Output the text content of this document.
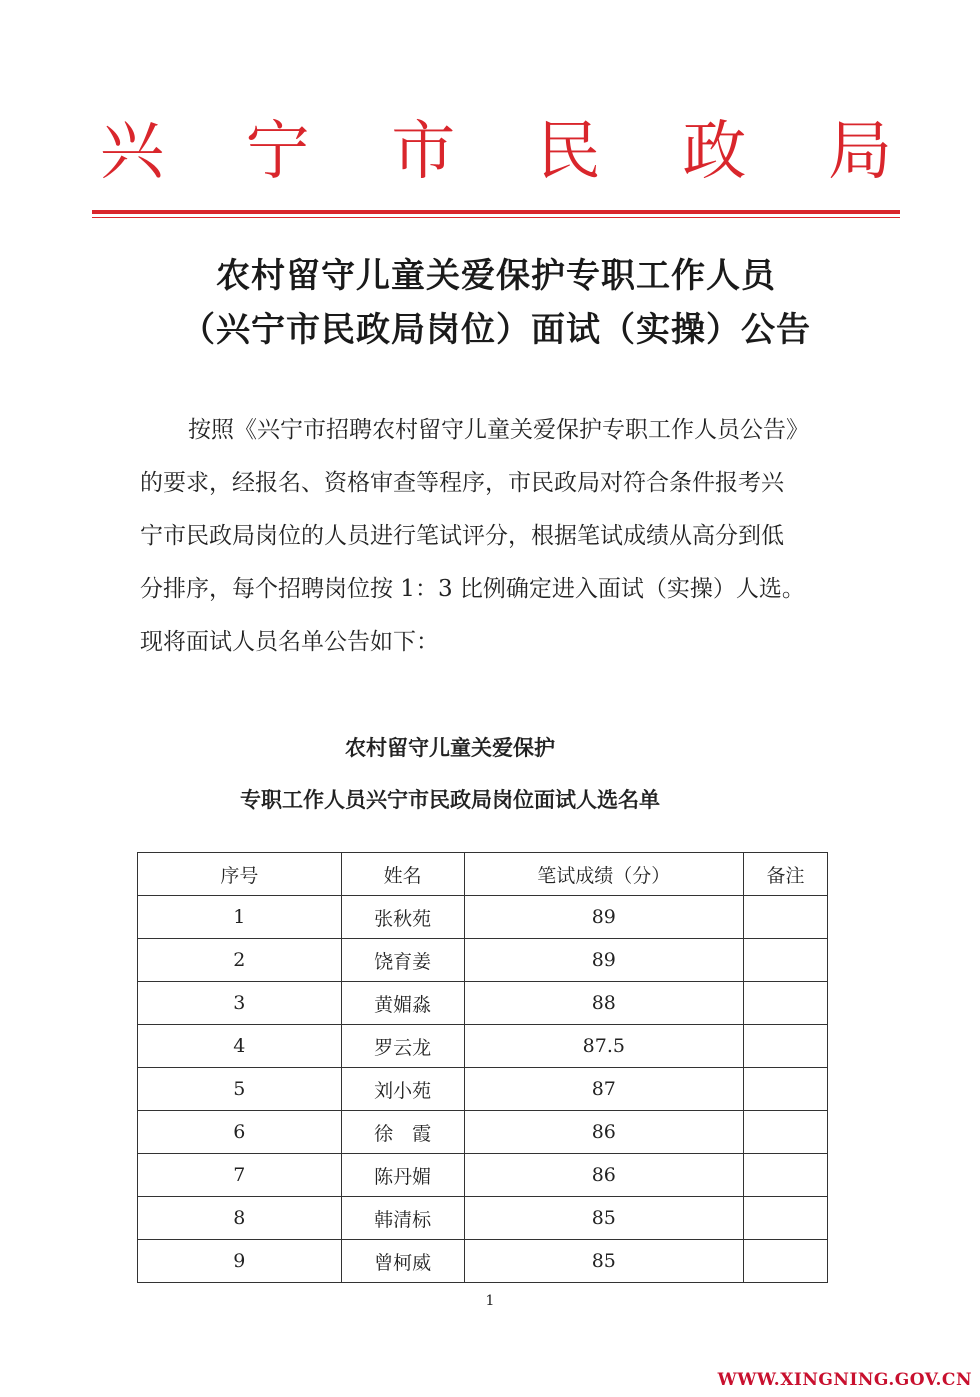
兴 宁 市 民 政 局
农村留守儿童关爱保护专职工作人员
（兴宁市民政局岗位）面试（实操）公告
按照《兴宁市招聘农村留守儿童关爱保护专职工作人员公告》
的要求，经报名、资格审查等程序，市民政局对符合条件报考兴
宁市民政局岗位的人员进行笔试评分，根据笔试成绩从高分到低
分排序，每个招聘岗位按 1：3 比例确定进入面试（实操）人选。
现将面试人员名单公告如下：
农村留守儿童关爱保护
专职工作人员兴宁市民政局岗位面试人选名单
序号	姓名	笔试成绩（分）	备注
1	张秋苑	89	
2	饶育姜	89	
3	黄媚淼	88	
4	罗云龙	87.5	
5	刘小苑	87	
6	徐　霞	86	
7	陈丹媚	86	
8	韩清标	85	
9	曾柯威	85	
1
WWW.XINGNING.GOV.CN
